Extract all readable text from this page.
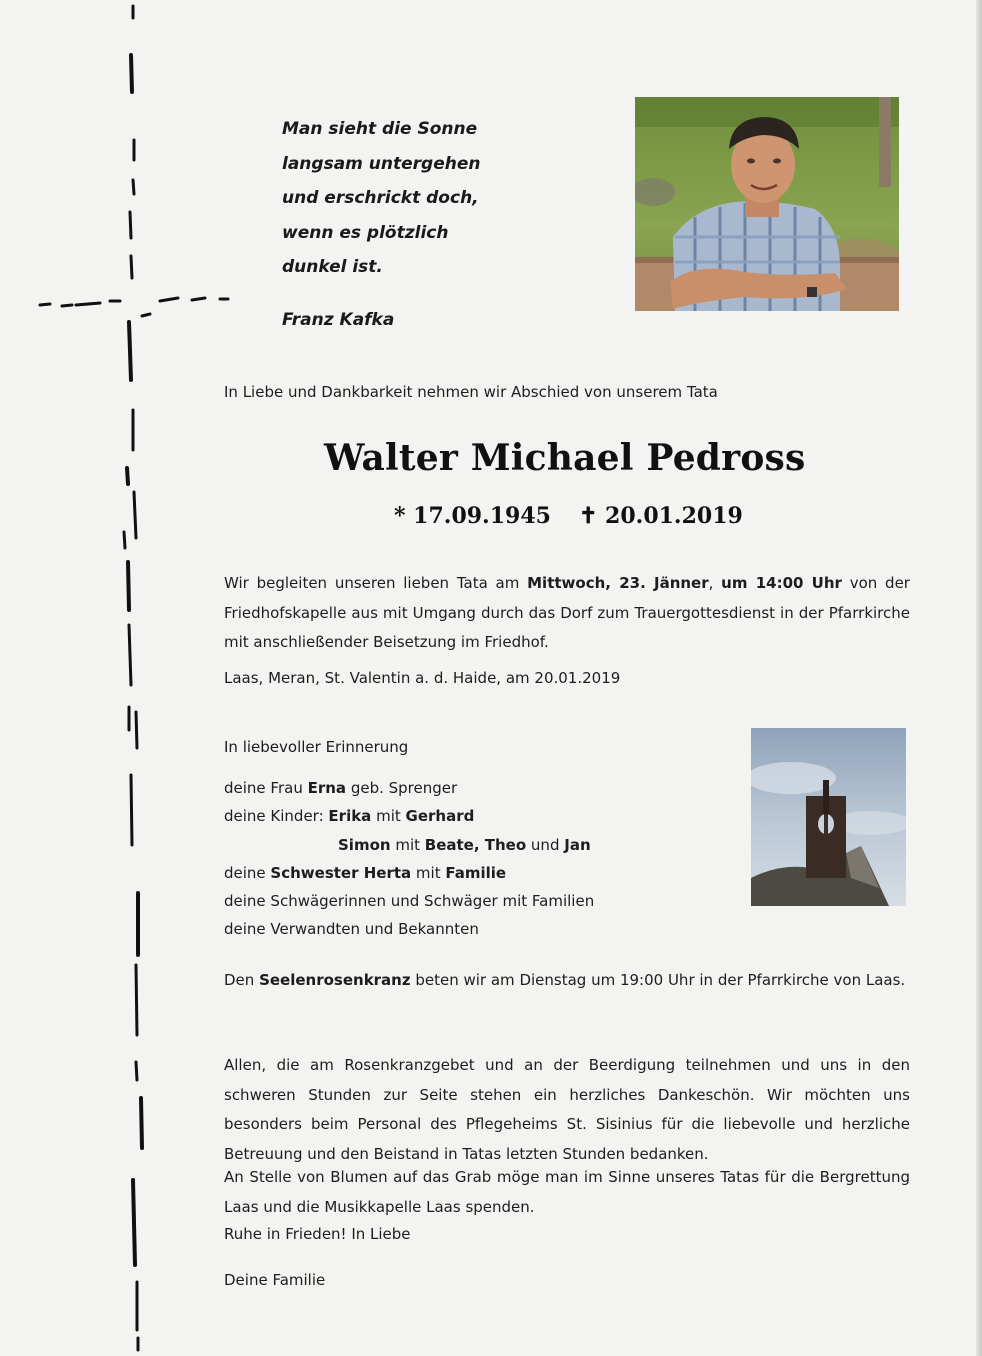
Man sieht die Sonne
langsam untergehen
und erschrickt doch,
wenn es plötzlich
dunkel ist.
Franz Kafka
In Liebe und Dankbarkeit nehmen wir Abschied von unserem Tata
Walter Michael Pedross
* 17.09.1945 ✝ 20.01.2019
Wir begleiten unseren lieben Tata am Mittwoch, 23. Jänner, um 14:00 Uhr von der Friedhofskapelle aus mit Umgang durch das Dorf zum Trauergottesdienst in der Pfarrkirche mit anschließender Beisetzung im Friedhof.
Laas, Meran, St. Valentin a. d. Haide, am 20.01.2019
In liebevoller Erinnerung
deine Frau Erna geb. Sprenger
deine Kinder: Erika mit Gerhard
Simon mit Beate, Theo und Jan
deine Schwester Herta mit Familie
deine Schwägerinnen und Schwäger mit Familien
deine Verwandten und Bekannten
Den Seelenrosenkranz beten wir am Dienstag um 19:00 Uhr in der Pfarrkirche von Laas.
Allen, die am Rosenkranzgebet und an der Beerdigung teilnehmen und uns in den schweren Stunden zur Seite stehen ein herzliches Dankeschön. Wir möchten uns besonders beim Personal des Pflegeheims St. Sisinius für die liebevolle und herzliche Betreuung und den Beistand in Tatas letzten Stunden bedanken.
An Stelle von Blumen auf das Grab möge man im Sinne unseres Tatas für die Bergrettung Laas und die Musikkapelle Laas spenden.
Ruhe in Frieden! In Liebe
Deine Familie
